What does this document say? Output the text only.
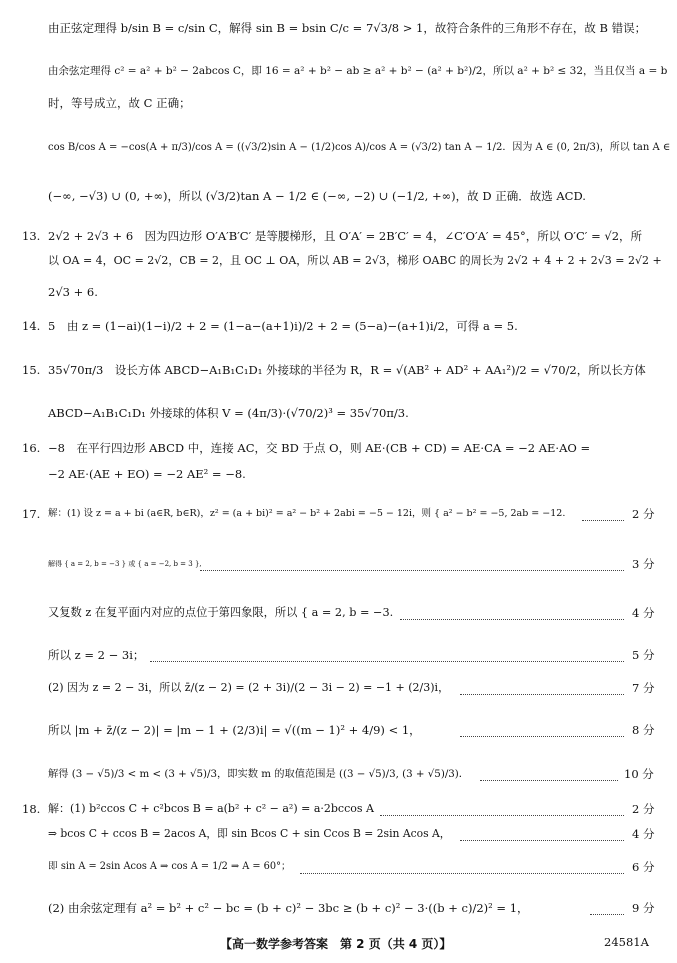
由正弦定理得 b/sin B = c/sin C，解得 sin B = bsin C/c = 7√3/8 > 1，故符合条件的三角形不存在，故 B 错误；
由余弦定理得 c² = a² + b² − 2abcos C，即 16 = a² + b² − ab ≥ a² + b² − (a² + b²)/2，所以 a² + b² ≤ 32，当且仅当 a = b
时，等号成立，故 C 正确；
cos B/cos A = −cos(A + π/3)/cos A = ((√3/2)sin A − (1/2)cos A)/cos A = (√3/2) tan A − 1/2．因为 A ∈ (0, 2π/3)，所以 tan A ∈
(−∞, −√3) ∪ (0, +∞)，所以 (√3/2)tan A − 1/2 ∈ (−∞, −2) ∪ (−1/2, +∞)，故 D 正确．故选 ACD.
13. 2√2 + 2√3 + 6　因为四边形 O′A′B′C′ 是等腰梯形，且 O′A′ = 2B′C′ = 4，∠C′O′A′ = 45°，所以 O′C′ = √2，所
以 OA = 4，OC = 2√2，CB = 2，且 OC ⊥ OA，所以 AB = 2√3，梯形 OABC 的周长为 2√2 + 4 + 2 + 2√3 = 2√2 +
2√3 + 6.
14. 5　由 z = (1−ai)(1−i)/2 + 2 = (1−a−(a+1)i)/2 + 2 = (5−a)−(a+1)i/2，可得 a = 5.
15. 35√70π/3　设长方体 ABCD−A₁B₁C₁D₁ 外接球的半径为 R，R = √(AB² + AD² + AA₁²)/2 = √70/2，所以长方体
ABCD−A₁B₁C₁D₁ 外接球的体积 V = (4π/3)·(√70/2)³ = 35√70π/3.
16. −8　在平行四边形 ABCD 中，连接 AC，交 BD 于点 O，则 AE·(CB + CD) = AE·CA = −2 AE·AO =
−2 AE·(AE + EO) = −2 AE² = −8.
17. 解：(1) 设 z = a + bi (a∈R, b∈R)，z² = (a + bi)² = a² − b² + 2abi = −5 − 12i，则 { a² − b² = −5, 2ab = −12.	2 分
解得 { a = 2, b = −3 } 或 { a = −2, b = 3 },	3 分
又复数 z 在复平面内对应的点位于第四象限，所以 { a = 2, b = −3.	4 分
所以 z = 2 − 3i；	5 分
(2) 因为 z = 2 − 3i，所以 z̄/(z − 2) = (2 + 3i)/(2 − 3i − 2) = −1 + (2/3)i，	7 分
所以 |m + z̄/(z − 2)| = |m − 1 + (2/3)i| = √((m − 1)² + 4/9) < 1，	8 分
解得 (3 − √5)/3 < m < (3 + √5)/3，即实数 m 的取值范围是 ((3 − √5)/3, (3 + √5)/3)．	10 分
18. 解：(1) b²ccos C + c²bcos B = a(b² + c² − a²) = a·2bccos A	2 分
⇒ bcos C + ccos B = 2acos A，即 sin Bcos C + sin Ccos B = 2sin Acos A，	4 分
即 sin A = 2sin Acos A ⇒ cos A = 1/2 ⇒ A = 60°；	6 分
(2) 由余弦定理有 a² = b² + c² − bc = (b + c)² − 3bc ≥ (b + c)² − 3·((b + c)/2)² = 1，	9 分
【高一数学参考答案　第 2 页（共 4 页）】	24581A
